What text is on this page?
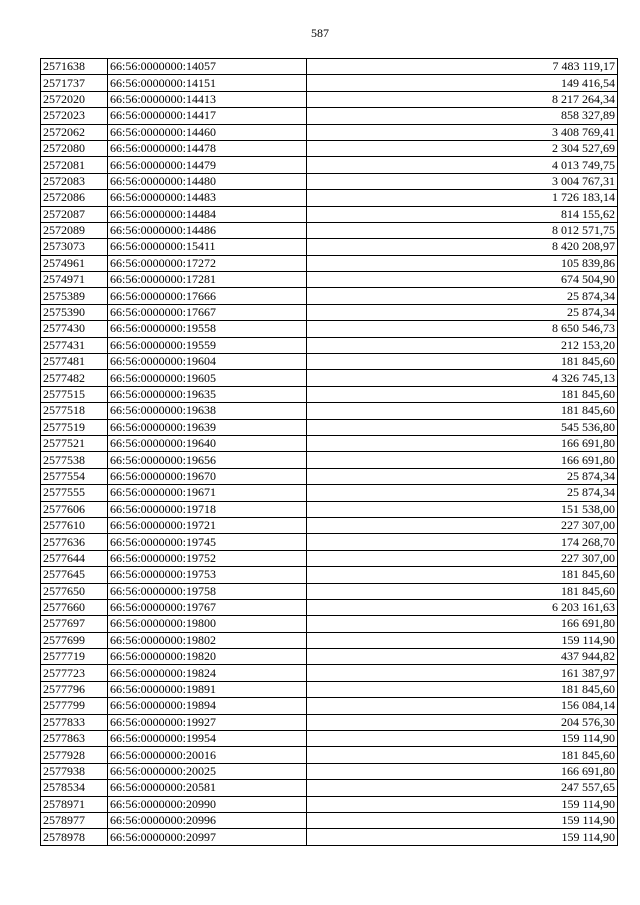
587
2571638	66:56:0000000:14057	7 483 119,17
2571737	66:56:0000000:14151	149 416,54
2572020	66:56:0000000:14413	8 217 264,34
2572023	66:56:0000000:14417	858 327,89
2572062	66:56:0000000:14460	3 408 769,41
2572080	66:56:0000000:14478	2 304 527,69
2572081	66:56:0000000:14479	4 013 749,75
2572083	66:56:0000000:14480	3 004 767,31
2572086	66:56:0000000:14483	1 726 183,14
2572087	66:56:0000000:14484	814 155,62
2572089	66:56:0000000:14486	8 012 571,75
2573073	66:56:0000000:15411	8 420 208,97
2574961	66:56:0000000:17272	105 839,86
2574971	66:56:0000000:17281	674 504,90
2575389	66:56:0000000:17666	25 874,34
2575390	66:56:0000000:17667	25 874,34
2577430	66:56:0000000:19558	8 650 546,73
2577431	66:56:0000000:19559	212 153,20
2577481	66:56:0000000:19604	181 845,60
2577482	66:56:0000000:19605	4 326 745,13
2577515	66:56:0000000:19635	181 845,60
2577518	66:56:0000000:19638	181 845,60
2577519	66:56:0000000:19639	545 536,80
2577521	66:56:0000000:19640	166 691,80
2577538	66:56:0000000:19656	166 691,80
2577554	66:56:0000000:19670	25 874,34
2577555	66:56:0000000:19671	25 874,34
2577606	66:56:0000000:19718	151 538,00
2577610	66:56:0000000:19721	227 307,00
2577636	66:56:0000000:19745	174 268,70
2577644	66:56:0000000:19752	227 307,00
2577645	66:56:0000000:19753	181 845,60
2577650	66:56:0000000:19758	181 845,60
2577660	66:56:0000000:19767	6 203 161,63
2577697	66:56:0000000:19800	166 691,80
2577699	66:56:0000000:19802	159 114,90
2577719	66:56:0000000:19820	437 944,82
2577723	66:56:0000000:19824	161 387,97
2577796	66:56:0000000:19891	181 845,60
2577799	66:56:0000000:19894	156 084,14
2577833	66:56:0000000:19927	204 576,30
2577863	66:56:0000000:19954	159 114,90
2577928	66:56:0000000:20016	181 845,60
2577938	66:56:0000000:20025	166 691,80
2578534	66:56:0000000:20581	247 557,65
2578971	66:56:0000000:20990	159 114,90
2578977	66:56:0000000:20996	159 114,90
2578978	66:56:0000000:20997	159 114,90
